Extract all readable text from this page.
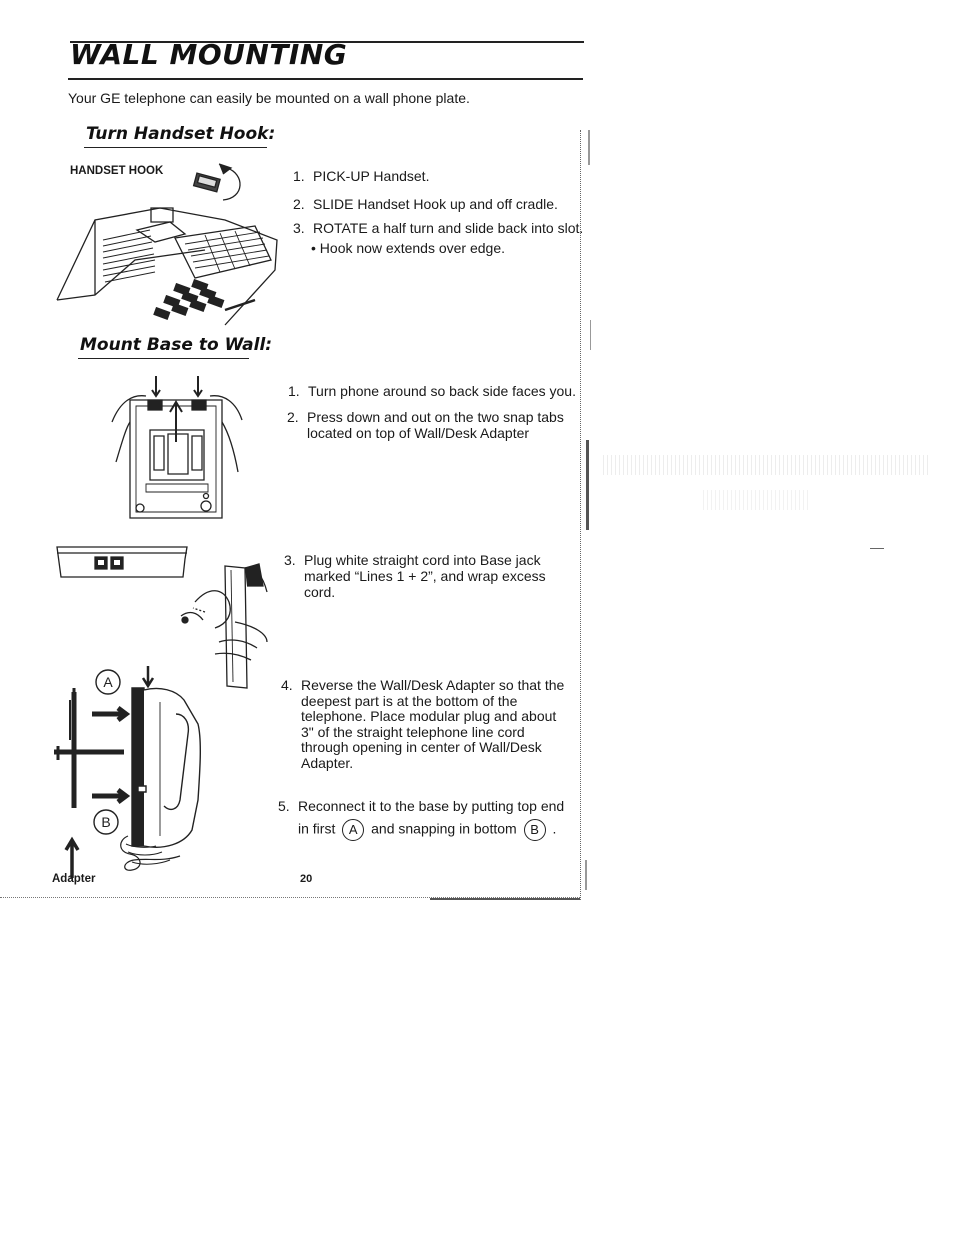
WALL MOUNTING
Your GE telephone can easily be mounted on a wall phone plate.
Turn Handset Hook:
HANDSET HOOK	1. PICK-UP Handset.
2. SLIDE Handset Hook up and off cradle.
3. ROTATE a half turn and slide back into slot.
• Hook now extends over edge.
Mount Base to Wall:
1. Turn phone around so back side faces you.
2. Press down and out on the two snap tabs
located on top of Wall/Desk Adapter
3. Plug white straight cord into Base jack
marked “Lines 1 + 2”, and wrap excess
cord.
A
B
4. Reverse the Wall/Desk Adapter so that the
deepest part is at the bottom of the
telephone. Place modular plug and about
3" of the straight telephone line cord
through opening in center of Wall/Desk
Adapter.
5. Reconnect it to the base by putting top end
in first A and snapping in bottom B .
Adapter	20
